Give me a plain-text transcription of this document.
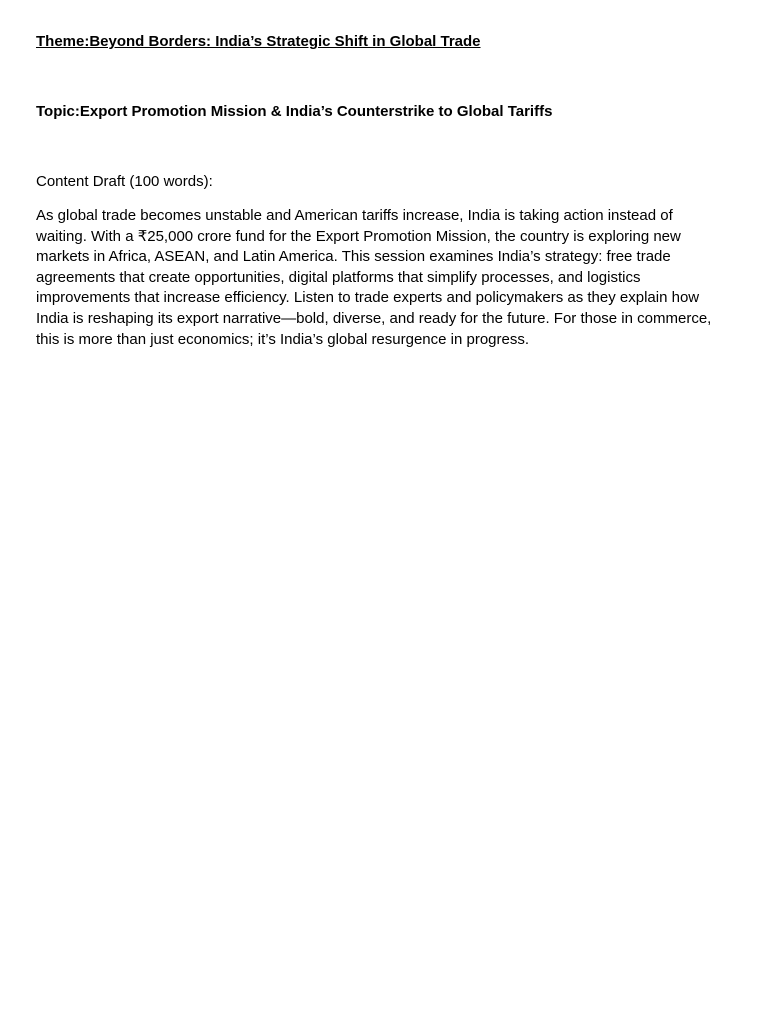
Theme:Beyond Borders: India’s Strategic Shift in Global Trade

Topic:Export Promotion Mission & India’s Counterstrike to Global Tariffs

Content Draft (100 words):

As global trade becomes unstable and American tariffs increase, India is taking action instead of waiting. With a ₹25,000 crore fund for the Export Promotion Mission, the country is exploring new markets in Africa, ASEAN, and Latin America. This session examines India’s strategy: free trade agreements that create opportunities, digital platforms that simplify processes, and logistics improvements that increase efficiency. Listen to trade experts and policymakers as they explain how India is reshaping its export narrative—bold, diverse, and ready for the future. For those in commerce, this is more than just economics; it’s India’s global resurgence in progress.
